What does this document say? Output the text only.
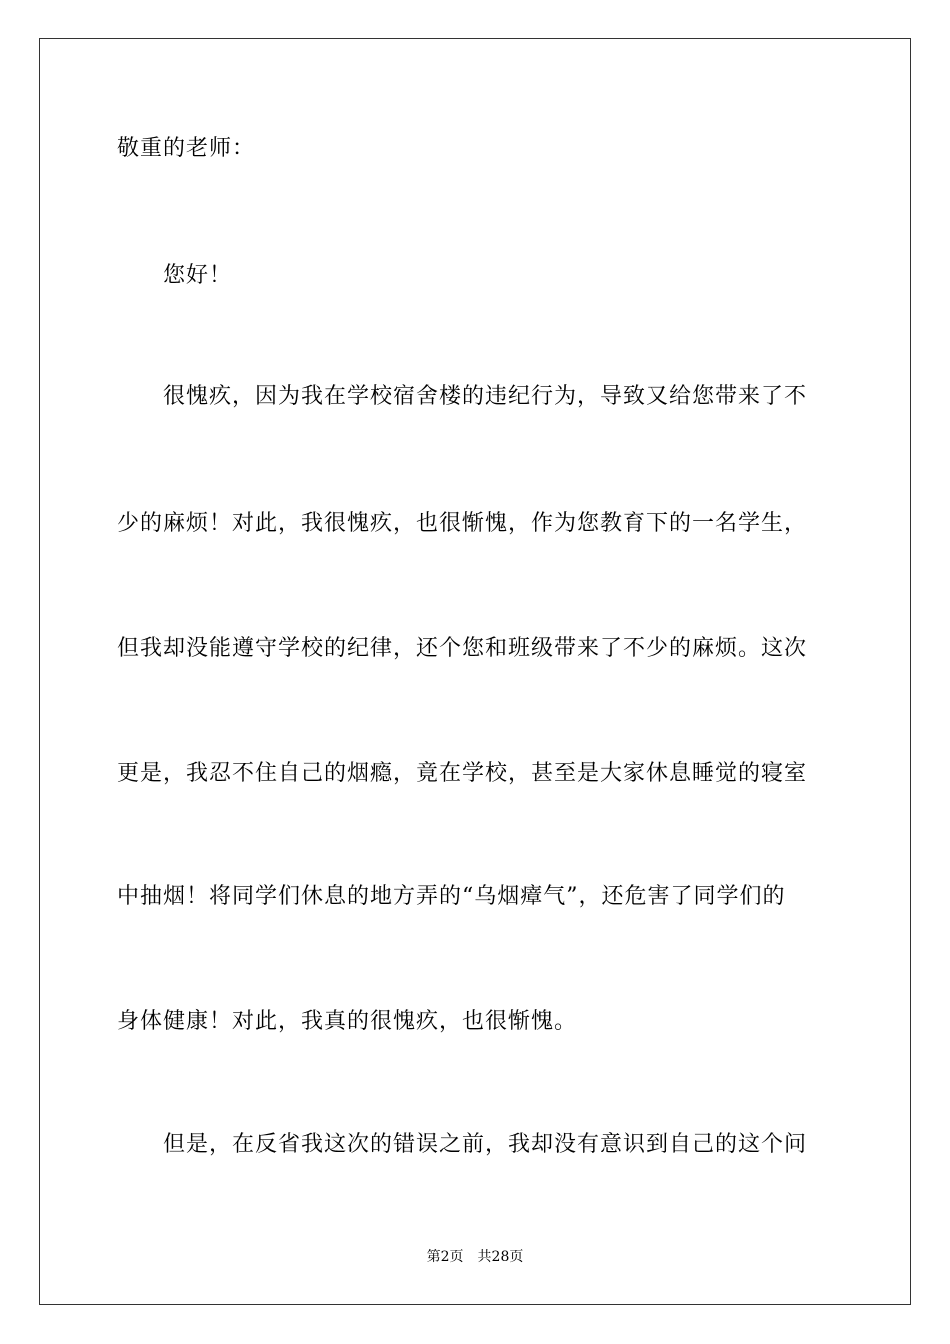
敬重的老师：
您好！
很愧疚，因为我在学校宿舍楼的违纪行为，导致又给您带来了不
少的麻烦！对此，我很愧疚，也很惭愧，作为您教育下的一名学生，
但我却没能遵守学校的纪律，还个您和班级带来了不少的麻烦。这次
更是，我忍不住自己的烟瘾，竟在学校，甚至是大家休息睡觉的寝室
中抽烟！将同学们休息的地方弄的“乌烟瘴气”，还危害了同学们的
身体健康！对此，我真的很愧疚，也很惭愧。
但是，在反省我这次的错误之前，我却没有意识到自己的这个问
第2页 共28页
